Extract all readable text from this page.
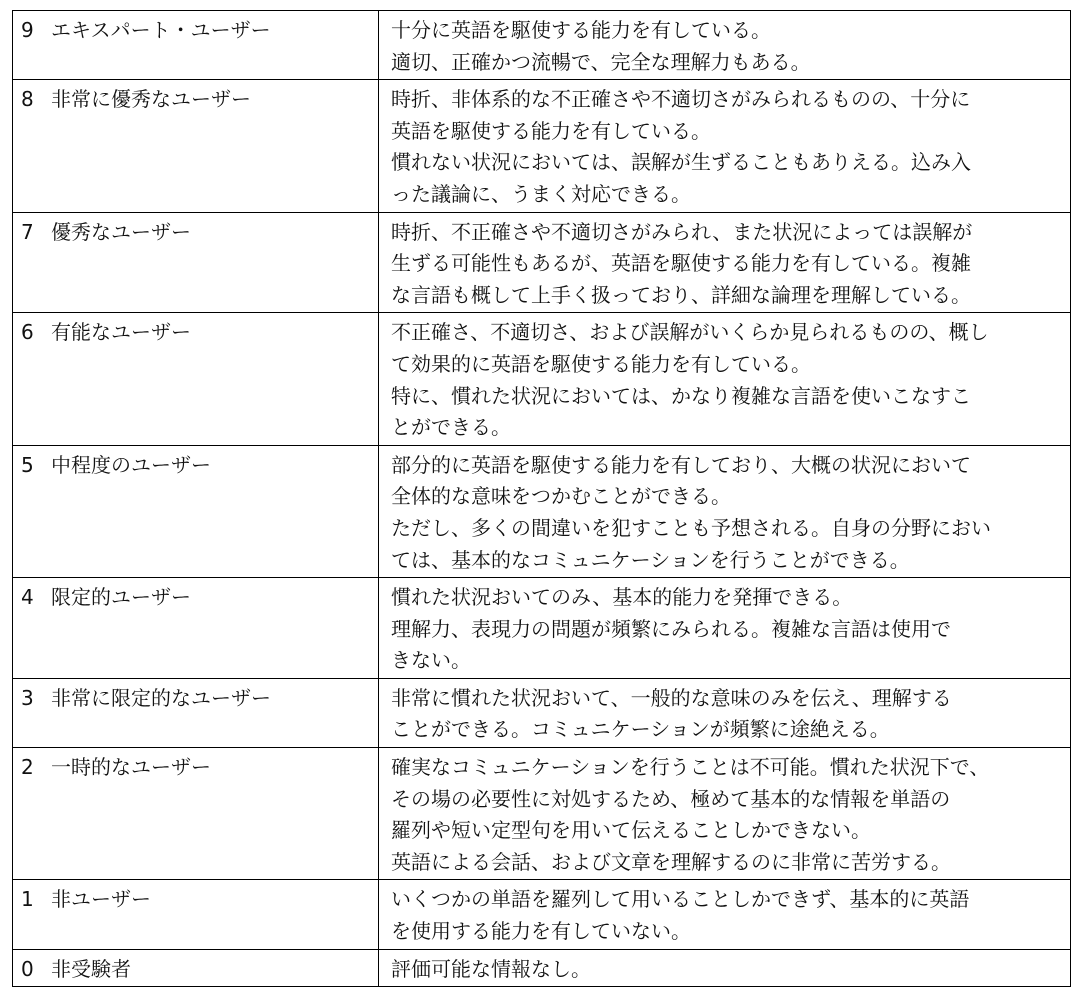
9 エキスパート・ユーザー	十分に英語を駆使する能力を有している。
適切、正確かつ流暢で、完全な理解力もある。

8 非常に優秀なユーザー	時折、非体系的な不正確さや不適切さがみられるものの、十分に
英語を駆使する能力を有している。
慣れない状況においては、誤解が生ずることもありえる。込み入
った議論に、うまく対応できる。

7 優秀なユーザー	時折、不正確さや不適切さがみられ、また状況によっては誤解が
生ずる可能性もあるが、英語を駆使する能力を有している。複雑
な言語も概して上手く扱っており、詳細な論理を理解している。

6 有能なユーザー	不正確さ、不適切さ、および誤解がいくらか見られるものの、概し
て効果的に英語を駆使する能力を有している。
特に、慣れた状況においては、かなり複雑な言語を使いこなすこ
とができる。

5 中程度のユーザー	部分的に英語を駆使する能力を有しており、大概の状況において
全体的な意味をつかむことができる。
ただし、多くの間違いを犯すことも予想される。自身の分野におい
ては、基本的なコミュニケーションを行うことができる。

4 限定的ユーザー	慣れた状況おいてのみ、基本的能力を発揮できる。
理解力、表現力の問題が頻繁にみられる。複雑な言語は使用で
きない。

3 非常に限定的なユーザー	非常に慣れた状況おいて、一般的な意味のみを伝え、理解する
ことができる。コミュニケーションが頻繁に途絶える。

2 一時的なユーザー	確実なコミュニケーションを行うことは不可能。慣れた状況下で、
その場の必要性に対処するため、極めて基本的な情報を単語の
羅列や短い定型句を用いて伝えることしかできない。
英語による会話、および文章を理解するのに非常に苦労する。

1 非ユーザー	いくつかの単語を羅列して用いることしかできず、基本的に英語
を使用する能力を有していない。

0 非受験者	評価可能な情報なし。
